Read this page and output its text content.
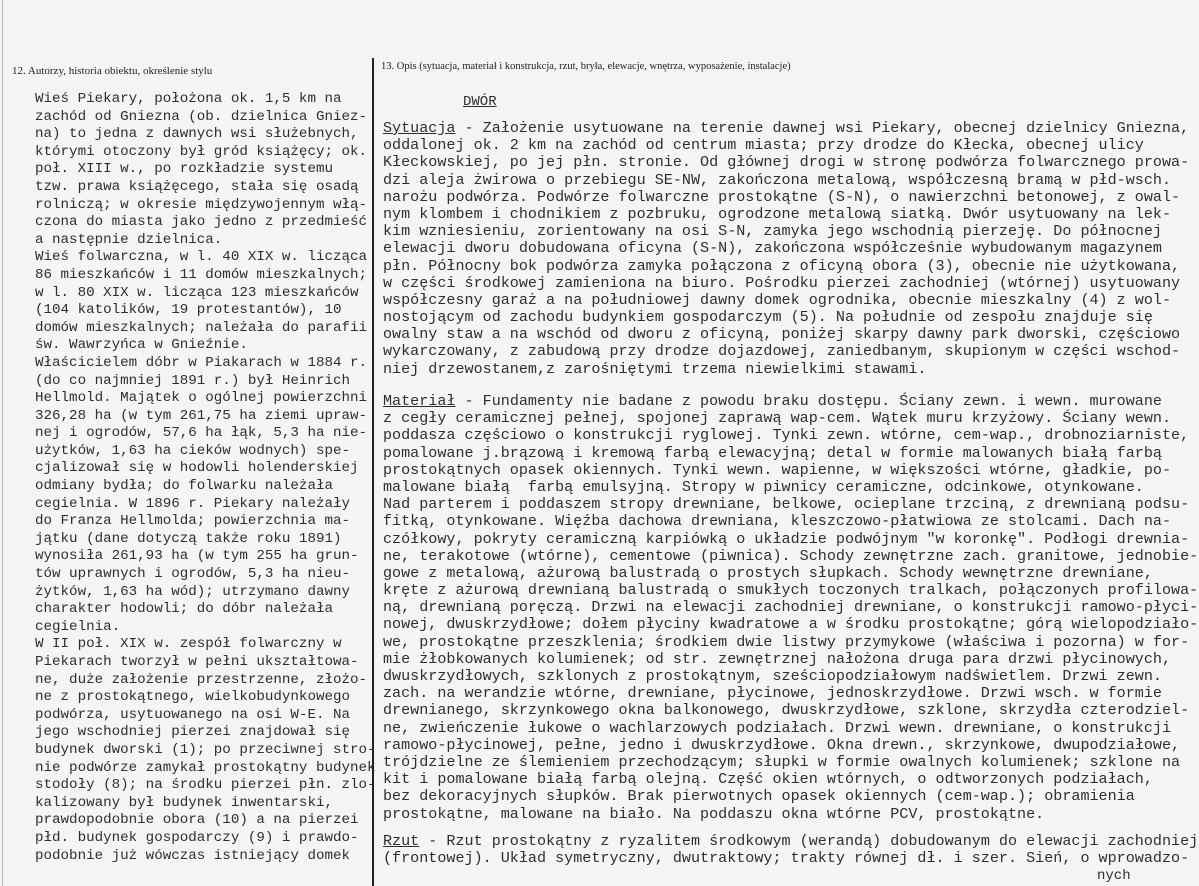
12. Autorzy, historia obiektu, określenie stylu
Wieś Piekary, położona ok. 1,5 km na
zachód od Gniezna (ob. dzielnica Gniez-
na) to jedna z dawnych wsi służebnych,
którymi otoczony był gród książęcy; ok.
poł. XIII w., po rozkładzie systemu
tzw. prawa książęcego, stała się osadą
rolniczą; w okresie międzywojennym włą-
czona do miasta jako jedno z przedmieść
a następnie dzielnica.
Wieś folwarczna, w l. 40 XIX w. licząca
86 mieszkańców i 11 domów mieszkalnych;
w l. 80 XIX w. licząca 123 mieszkańców
(104 katolików, 19 protestantów), 10
domów mieszkalnych; należała do parafii
św. Wawrzyńca w Gnieźnie.
Właścicielem dóbr w Piakarach w 1884 r.
(do co najmniej 1891 r.) był Heinrich
Hellmold. Majątek o ogólnej powierzchni
326,28 ha (w tym 261,75 ha ziemi upraw-
nej i ogrodów, 57,6 ha łąk, 5,3 ha nie-
użytków, 1,63 ha cieków wodnych) spe-
cjalizował się w hodowli holenderskiej
odmiany bydła; do folwarku należała
cegielnia. W 1896 r. Piekary należały
do Franza Hellmolda; powierzchnia ma-
jątku (dane dotyczą także roku 1891)
wynosiła 261,93 ha (w tym 255 ha grun-
tów uprawnych i ogrodów, 5,3 ha nieu-
żytków, 1,63 ha wód); utrzymano dawny
charakter hodowli; do dóbr należała
cegielnia.
W II poł. XIX w. zespół folwarczny w
Piekarach tworzył w pełni ukształtowa-
ne, duże założenie przestrzenne, złożo-
ne z prostokątnego, wielkobudynkowego
podwórza, usytuowanego na osi W-E. Na
jego wschodniej pierzei znajdował się
budynek dworski (1); po przeciwnej stro-
nie podwórze zamykał prostokątny budynek
stodoły (8); na środku pierzei płn. zlo-
kalizowany był budynek inwentarski,
prawdopodobnie obora (10) a na pierzei
płd. budynek gospodarczy (9) i prawdo-
podobnie już wówczas istniejący domek
13. Opis (sytuacja, materiał i konstrukcja, rzut, bryła, elewacje, wnętrza, wyposażenie, instalacje)
DWÓR
Sytuacja - Założenie usytuowane na terenie dawnej wsi Piekary, obecnej dzielnicy Gniezna,
oddalonej ok. 2 km na zachód od centrum miasta; przy drodze do Kłecka, obecnej ulicy
Kłeckowskiej, po jej płn. stronie. Od głównej drogi w stronę podwórza folwarcznego prowa-
dzi aleja żwirowa o przebiegu SE-NW, zakończona metalową, współczesną bramą w płd-wsch.
narożu podwórza. Podwórze folwarczne prostokątne (S-N), o nawierzchni betonowej, z owal-
nym klombem i chodnikiem z pozbruku, ogrodzone metalową siatką. Dwór usytuowany na lek-
kim wzniesieniu, zorientowany na osi S-N, zamyka jego wschodnią pierzeję. Do północnej
elewacji dworu dobudowana oficyna (S-N), zakończona współcześnie wybudowanym magazynem
płn. Północny bok podwórza zamyka połączona z oficyną obora (3), obecnie nie użytkowana,
w części środkowej zamieniona na biuro. Pośrodku pierzei zachodniej (wtórnej) usytuowany
współczesny garaż a na południowej dawny domek ogrodnika, obecnie mieszkalny (4) z wol-
nostojącym od zachodu budynkiem gospodarczym (5). Na południe od zespołu znajduje się
owalny staw a na wschód od dworu z oficyną, poniżej skarpy dawny park dworski, częściowo
wykarczowany, z zabudową przy drodze dojazdowej, zaniedbanym, skupionym w części wschod-
niej drzewostanem,z zarośniętymi trzema niewielkimi stawami.
Materiał - Fundamenty nie badane z powodu braku dostępu. Ściany zewn. i wewn. murowane
z cegły ceramicznej pełnej, spojonej zaprawą wap-cem. Wątek muru krzyżowy. Ściany wewn.
poddasza częściowo o konstrukcji ryglowej. Tynki zewn. wtórne, cem-wap., drobnoziarniste,
pomalowane j.brązową i kremową farbą elewacyjną; detal w formie malowanych białą farbą
prostokątnych opasek okiennych. Tynki wewn. wapienne, w większości wtórne, gładkie, po-
malowane białą  farbą emulsyjną. Stropy w piwnicy ceramiczne, odcinkowe, otynkowane.
Nad parterem i poddaszem stropy drewniane, belkowe, ocieplane trzciną, z drewnianą podsu-
fitką, otynkowane. Więźba dachowa drewniana, kleszczowo-płatwiowa ze stolcami. Dach na-
czółkowy, pokryty ceramiczną karpiówką o układzie podwójnym "w koronkę". Podłogi drewnia-
ne, terakotowe (wtórne), cementowe (piwnica). Schody zewnętrzne zach. granitowe, jednobie-
gowe z metalową, ażurową balustradą o prostych słupkach. Schody wewnętrzne drewniane,
kręte z ażurową drewnianą balustradą o smukłych toczonych tralkach, połączonych profilowa-
ną, drewnianą poręczą. Drzwi na elewacji zachodniej drewniane, o konstrukcji ramowo-płyci-
nowej, dwuskrzydłowe; dołem płyciny kwadratowe a w środku prostokątne; górą wielopodziało-
we, prostokątne przeszklenia; środkiem dwie listwy przymykowe (właściwa i pozorna) w for-
mie żłobkowanych kolumienek; od str. zewnętrznej nałożona druga para drzwi płycinowych,
dwuskrzydłowych, szklonych z prostokątnym, sześciopodziałowym nadświetlem. Drzwi zewn.
zach. na werandzie wtórne, drewniane, płycinowe, jednoskrzydłowe. Drzwi wsch. w formie
drewnianego, skrzynkowego okna balkonowego, dwuskrzydłowe, szklone, skrzydła czterodziel-
ne, zwieńczenie łukowe o wachlarzowych podziałach. Drzwi wewn. drewniane, o konstrukcji
ramowo-płycinowej, pełne, jedno i dwuskrzydłowe. Okna drewn., skrzynkowe, dwupodziałowe,
trójdzielne ze ślemieniem przechodzącym; słupki w formie owalnych kolumienek; szklone na
kit i pomalowane białą farbą olejną. Część okien wtórnych, o odtworzonych podziałach,
bez dekoracyjnych słupków. Brak pierwotnych opasek okiennych (cem-wap.); obramienia
prostokątne, malowane na biało. Na poddaszu okna wtórne PCV, prostokątne.
Rzut - Rzut prostokątny z ryzalitem środkowym (werandą) dobudowanym do elewacji zachodniej
(frontowej). Układ symetryczny, dwutraktowy; trakty równej dł. i szer. Sień, o wprowadzo-
nych
